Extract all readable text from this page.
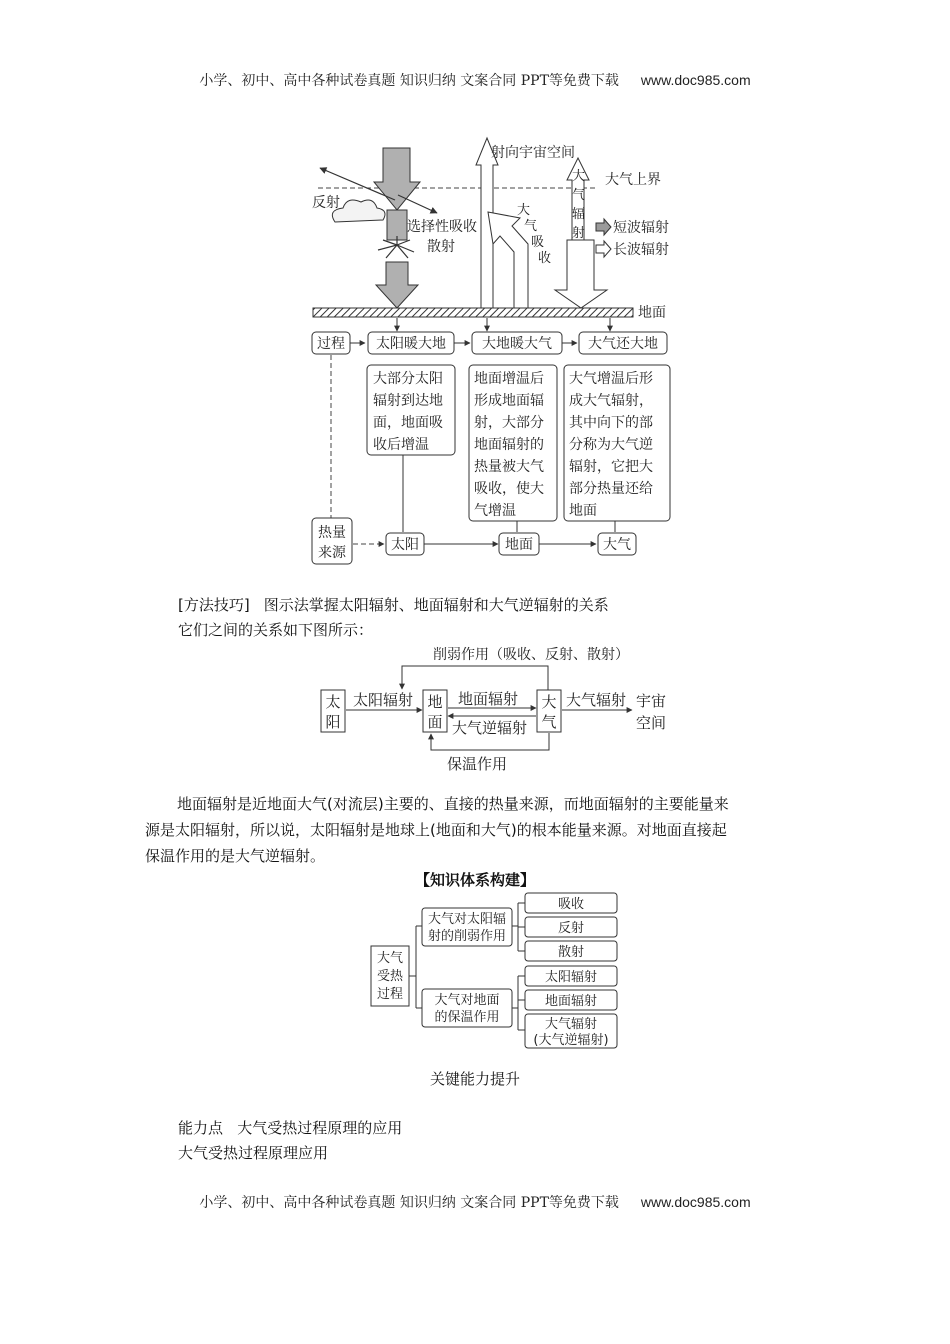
小学、初中、高中各种试卷真题 知识归纳 文案合同 PPT等免费下载 www.doc985.com
大气上界
反射
选择性吸收
散射
射向宇宙空间
大
气
吸
收
大
气
辐
射 短波辐射
长波辐射
地面
过程 太阳暖大地	大地暖大气	大气还大地
大部分太阳
辐射到达地
面，地面吸
收后增温
地面增温后
形成地面辐
射，大部分
地面辐射的
热量被大气
吸收，使大
气增温
大气增温后形
成大气辐射，
其中向下的部
分称为大气逆
辐射，它把大
部分热量还给
地面
热量
来源	太阳	地面	大气
[方法技巧] 图示法掌握太阳辐射、地面辐射和大气逆辐射的关系
它们之间的关系如下图所示：
削弱作用（吸收、反射、散射）
太
阳
太阳辐射 地
面
地面辐射
大气逆辐射
大
气
大气辐射 宇宙
空间
保温作用
地面辐射是近地面大气(对流层)主要的、直接的热量来源，而地面辐射的主要能量来
源是太阳辐射，所以说，太阳辐射是地球上(地面和大气)的根本能量来源。对地面直接起
保温作用的是大气逆辐射。
【知识体系构建】
大气
受热
过程
大气对太阳辐
射的削弱作用
吸收
反射
散射
大气对地面
的保温作用
太阳辐射
地面辐射
大气辐射
(大气逆辐射)
关键能力提升
能力点   大气受热过程原理的应用
大气受热过程原理应用
小学、初中、高中各种试卷真题 知识归纳 文案合同 PPT等免费下载 www.doc985.com
